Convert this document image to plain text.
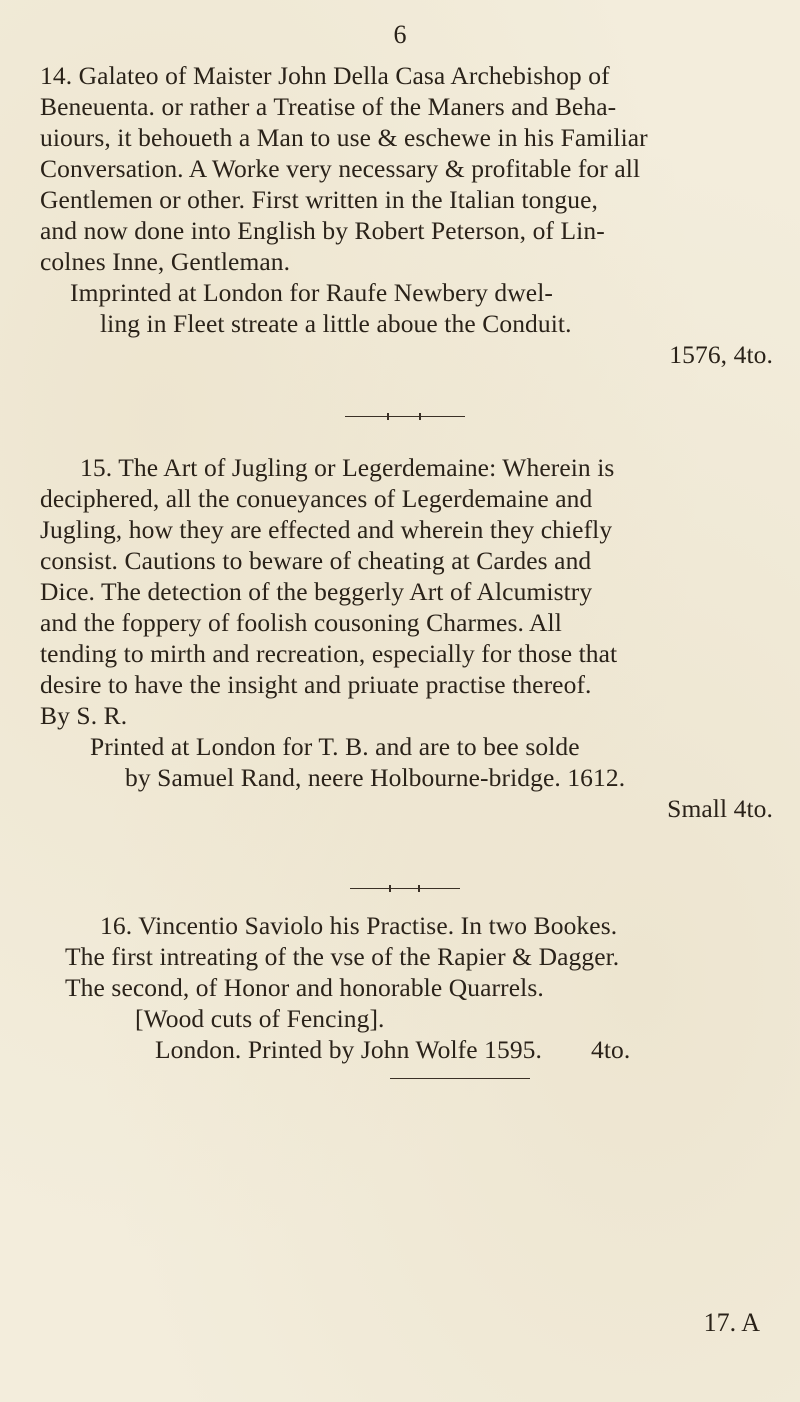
6

14. Galateo of Maister John Della Casa Archebishop of

Beneuenta. or rather a Treatise of the Maners and Beha-

uiours, it behoueth a Man to use & eschewe in his Familiar

Conversation. A Worke very necessary & profitable for all

Gentlemen or other. First written in the Italian tongue,

and now done into English by Robert Peterson, of Lin-

colnes Inne, Gentleman.

Imprinted at London for Raufe Newbery dwel-

ling in Fleet streate a little aboue the Conduit.

1576, 4to.

15. The Art of Jugling or Legerdemaine: Wherein is

deciphered, all the conueyances of Legerdemaine and

Jugling, how they are effected and wherein they chiefly

consist. Cautions to beware of cheating at Cardes and

Dice. The detection of the beggerly Art of Alcumistry

and the foppery of foolish cousoning Charmes. All

tending to mirth and recreation, especially for those that

desire to have the insight and priuate practise thereof.

By S. R.

Printed at London for T. B. and are to bee solde

by Samuel Rand, neere Holbourne-bridge. 1612.

Small 4to.

16. Vincentio Saviolo his Practise. In two Bookes.

The first intreating of the vse of the Rapier & Dagger.

The second, of Honor and honorable Quarrels.

[Wood cuts of Fencing].

London. Printed by John Wolfe 1595. 4to.

17. A
